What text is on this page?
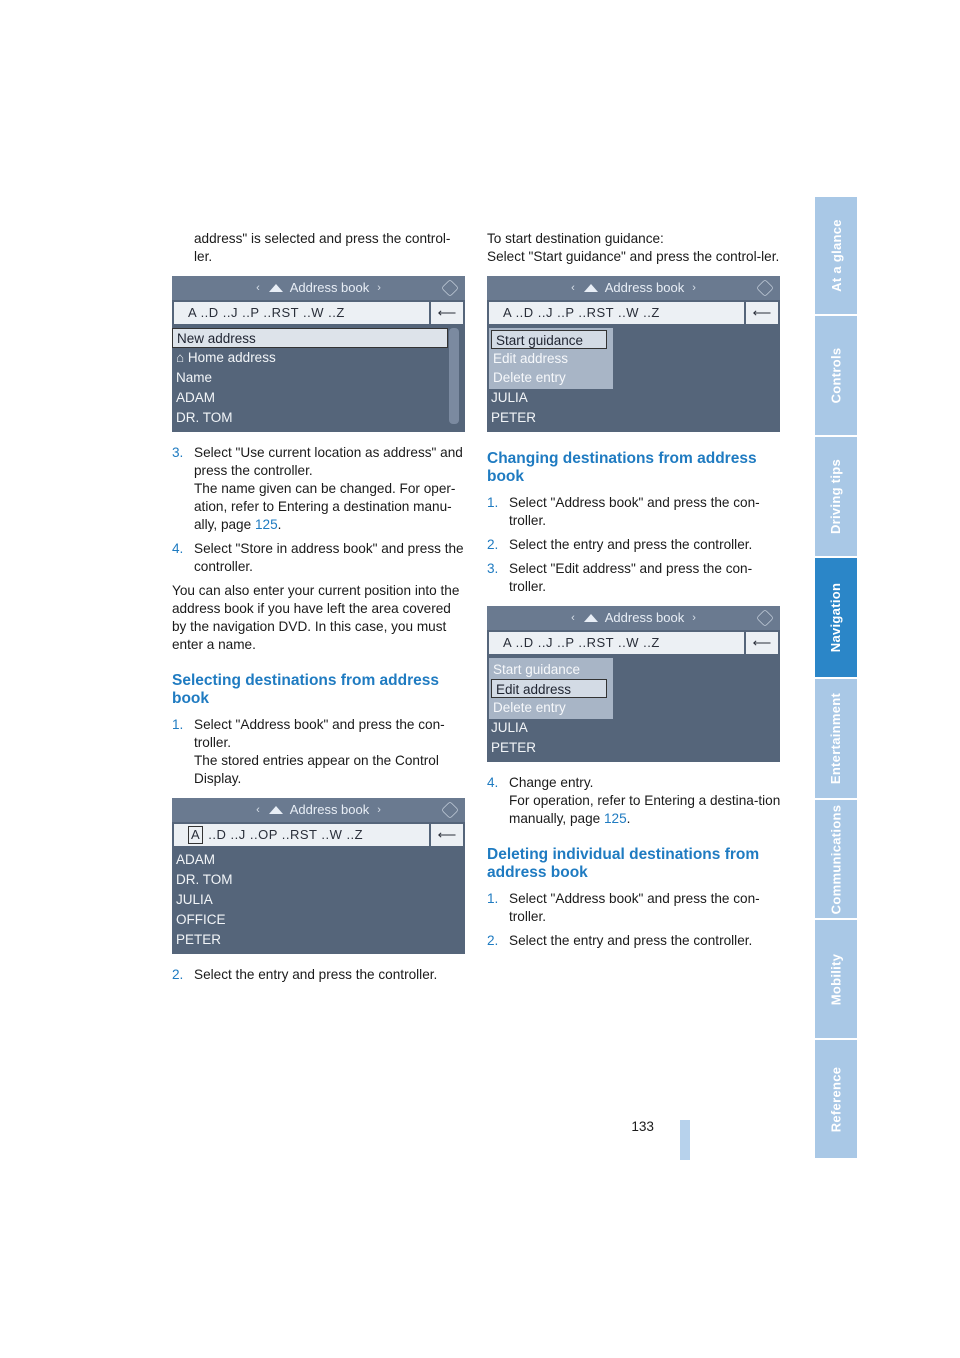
address" is selected and press the control-ler.

‹ Address book ›
A ..D ..J ..P ..RST ..W ..Z	⟵
New address
⌂ Home address
Name
ADAM
DR. TOM
3. Select "Use current location as address" and press the controller.
The name given can be changed. For oper-ation, refer to Entering a destination manu-ally, page 125.
4. Select "Store in address book" and press the controller.

You can also enter your current position into the address book if you have left the area covered by the navigation DVD. In this case, you must enter a name.

Selecting destinations from address book
1. Select "Address book" and press the con-troller.
The stored entries appear on the Control Display.
‹ Address book ›
A ..D ..J ..OP ..RST ..W ..Z	⟵
ADAM
DR. TOM
JULIA
OFFICE
PETER
2. Select the entry and press the controller.

To start destination guidance:
Select "Start guidance" and press the control-ler.

‹ Address book ›
A ..D ..J ..P ..RST ..W ..Z	⟵
Start guidance
Edit address
Delete entry
JULIA
PETER
Changing destinations from address book
1. Select "Address book" and press the con-troller.
2. Select the entry and press the controller.
3. Select "Edit address" and press the con-troller.
‹ Address book ›
A ..D ..J ..P ..RST ..W ..Z	⟵
Start guidance
Edit address
Delete entry
JULIA
PETER
4. Change entry.
For operation, refer to Entering a destina-tion manually, page 125.
Deleting individual destinations from address book
1. Select "Address book" and press the con-troller.
2. Select the entry and press the controller.
Reference
Mobility
Communications
Entertainment
Navigation
Driving tips
Controls
At a glance
133
